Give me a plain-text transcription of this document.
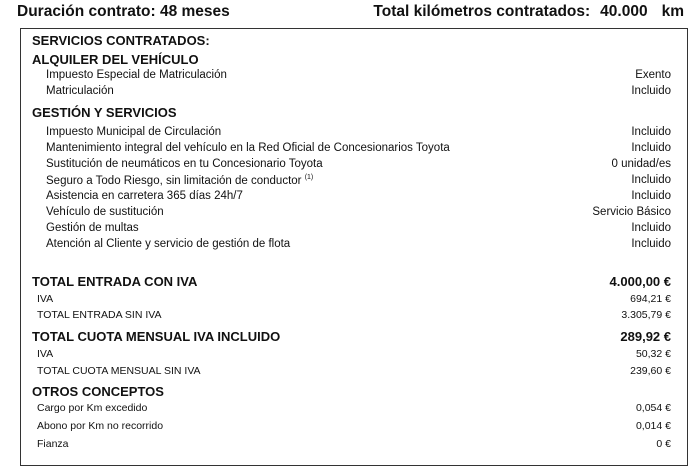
Duración contrato: 48 meses	Total kilómetros contratados: 40.000 km
SERVICIOS CONTRATADOS:
ALQUILER DEL VEHÍCULO
Impuesto Especial de Matriculación	Exento
Matriculación	Incluido
GESTIÓN Y SERVICIOS
Impuesto Municipal de Circulación	Incluido
Mantenimiento integral del vehículo en la Red Oficial de Concesionarios Toyota	Incluido
Sustitución de neumáticos en tu Concesionario Toyota	0 unidad/es
Seguro a Todo Riesgo, sin limitación de conductor $^{(1)}$	Incluido
Asistencia en carretera 365 días 24h/7	Incluido
Vehículo de sustitución	Servicio Básico
Gestión de multas	Incluido
Atención al Cliente y servicio de gestión de flota	Incluido
TOTAL ENTRADA CON IVA	4.000,00 €
IVA	694,21 €
TOTAL ENTRADA SIN IVA	3.305,79 €
TOTAL CUOTA MENSUAL IVA INCLUIDO	289,92 €
IVA	50,32 €
TOTAL CUOTA MENSUAL SIN IVA	239,60 €
OTROS CONCEPTOS
Cargo por Km excedido	0,054 €
Abono por Km no recorrido	0,014 €
Fianza	0 €
